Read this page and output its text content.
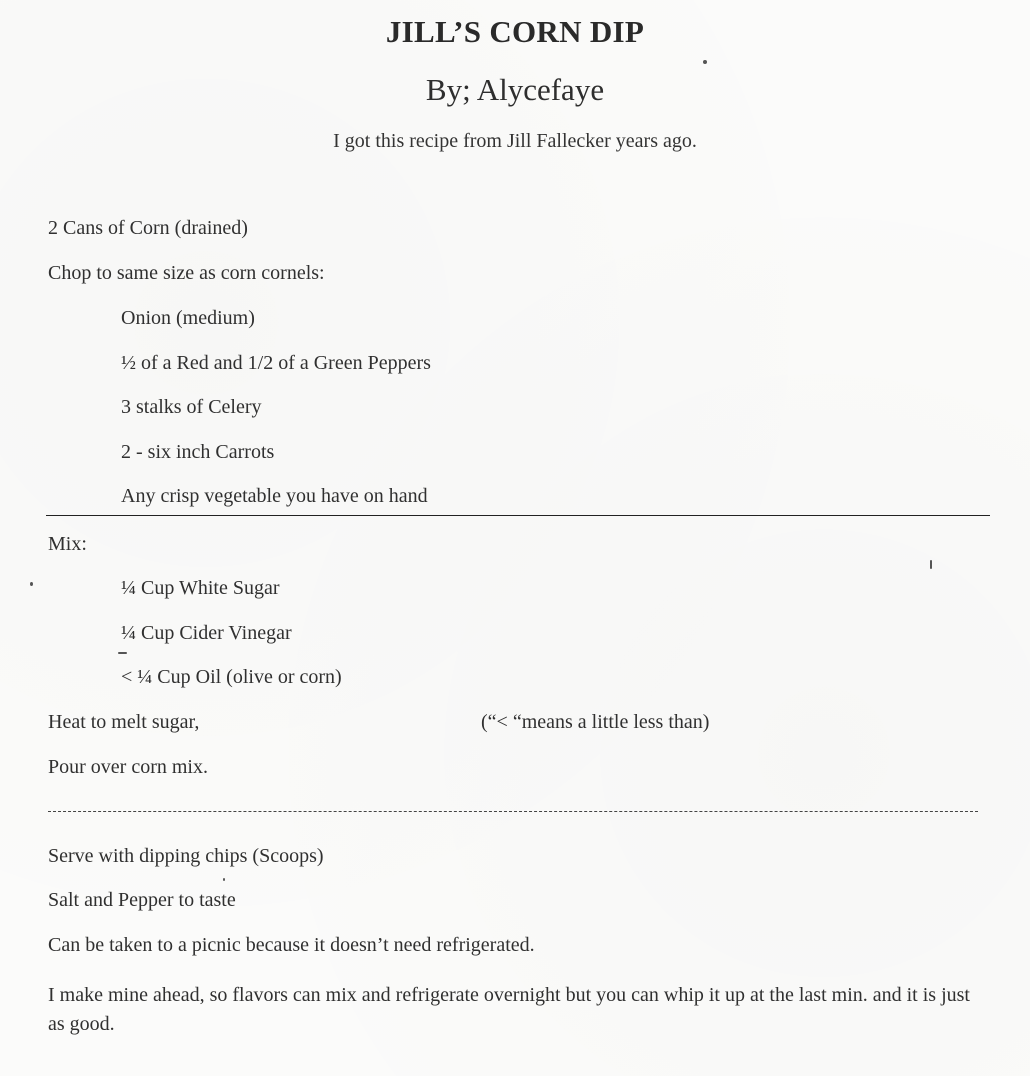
JILL’S CORN DIP
By; Alycefaye
I got this recipe from Jill Fallecker years ago.
2 Cans of Corn (drained)
Chop to same size as corn cornels:
Onion (medium)
½ of a Red and 1/2 of a Green Peppers
3 stalks of Celery
2 - six inch Carrots
Any crisp vegetable you have on hand
Mix:
¼ Cup White Sugar
¼ Cup Cider Vinegar
< ¼ Cup Oil (olive or corn)
Heat to melt sugar,	(“< “means a little less than)
Pour over corn mix.
Serve with dipping chips (Scoops)
Salt and Pepper to taste
Can be taken to a picnic because it doesn’t need refrigerated.
I make mine ahead, so flavors can mix and refrigerate overnight but you can whip it up at the last min. and it is just as good.
